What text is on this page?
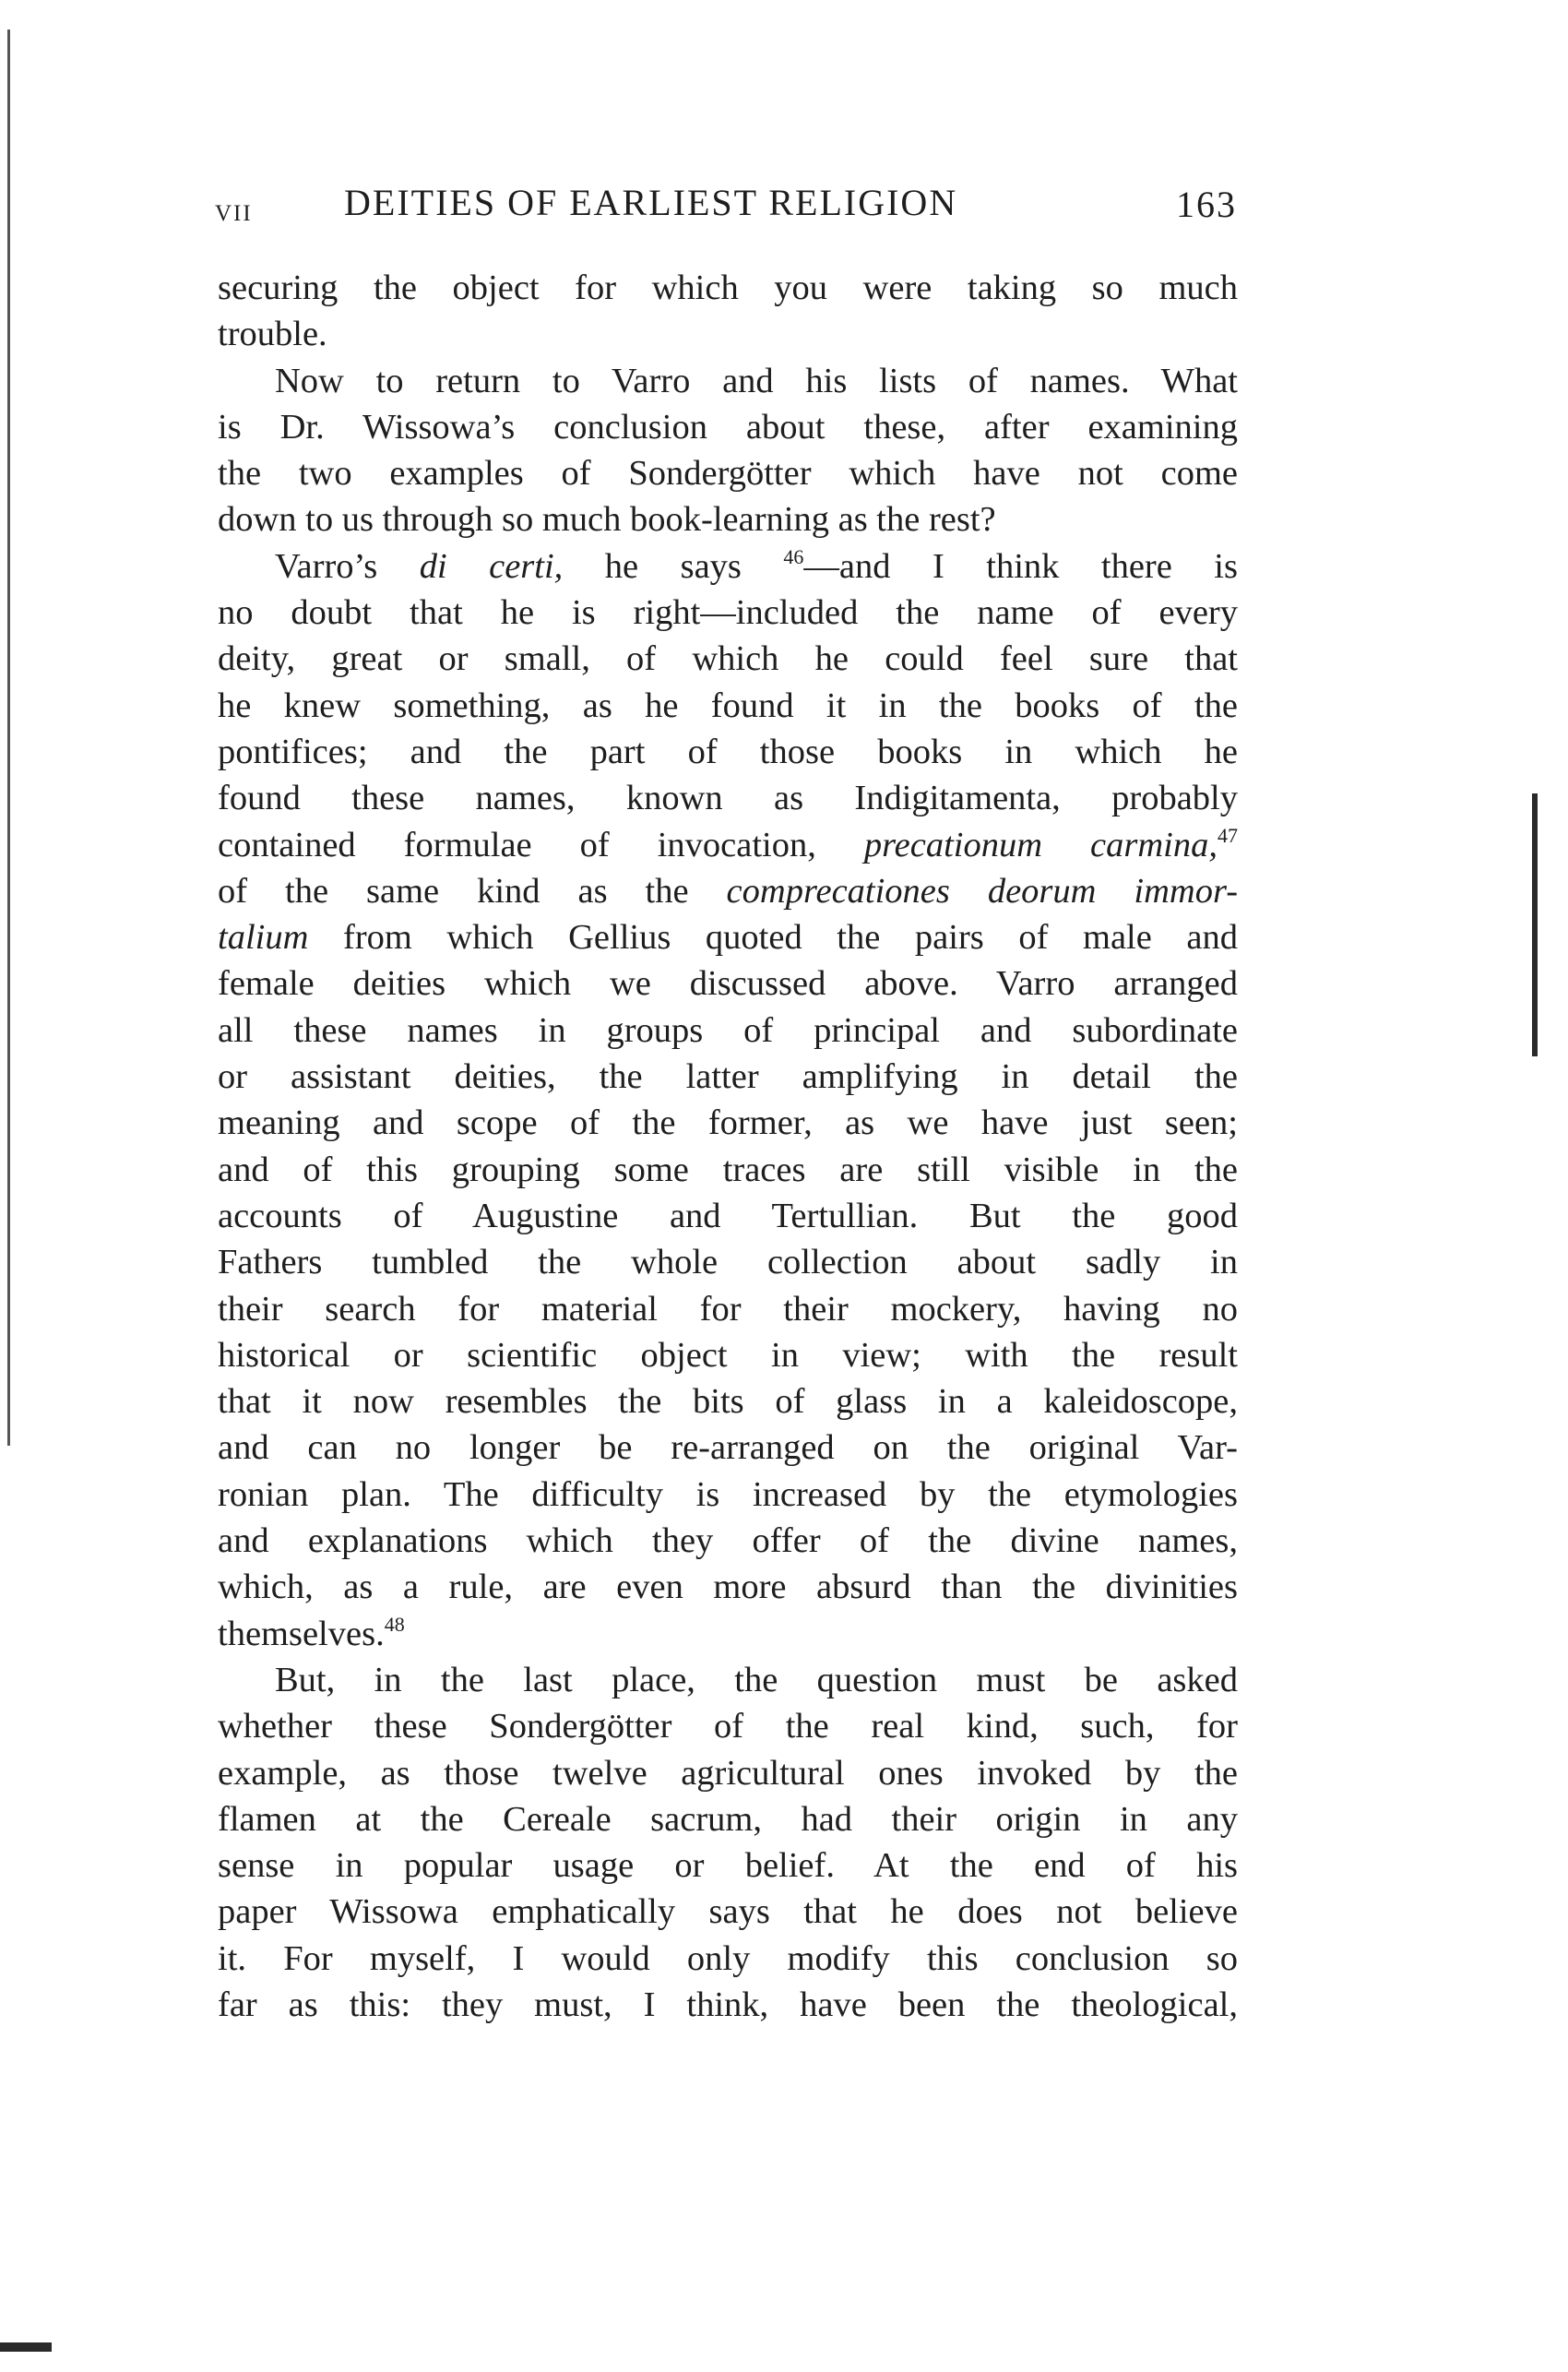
VII DEITIES OF EARLIEST RELIGION	163
securing the object for which you were taking so much
trouble.
Now to return to Varro and his lists of names. What
is Dr. Wissowa’s conclusion about these, after examining
the two examples of Sondergötter which have not come
down to us through so much book-learning as the rest?
Varro’s di certi, he says $^{46}$—and I think there is
no doubt that he is right—included the name of every
deity, great or small, of which he could feel sure that
he knew something, as he found it in the books of the
pontifices; and the part of those books in which he
found these names, known as Indigitamenta, probably
contained formulae of invocation, precationum carmina,$^{47}$
of the same kind as the comprecationes deorum immor-
talium from which Gellius quoted the pairs of male and
female deities which we discussed above. Varro arranged
all these names in groups of principal and subordinate
or assistant deities, the latter amplifying in detail the
meaning and scope of the former, as we have just seen;
and of this grouping some traces are still visible in the
accounts of Augustine and Tertullian. But the good
Fathers tumbled the whole collection about sadly in
their search for material for their mockery, having no
historical or scientific object in view; with the result
that it now resembles the bits of glass in a kaleidoscope,
and can no longer be re-arranged on the original Var-
ronian plan. The difficulty is increased by the etymologies
and explanations which they offer of the divine names,
which, as a rule, are even more absurd than the divinities
themselves.$^{48}$
But, in the last place, the question must be asked
whether these Sondergötter of the real kind, such, for
example, as those twelve agricultural ones invoked by the
flamen at the Cereale sacrum, had their origin in any
sense in popular usage or belief. At the end of his
paper Wissowa emphatically says that he does not believe
it. For myself, I would only modify this conclusion so
far as this: they must, I think, have been the theological,
